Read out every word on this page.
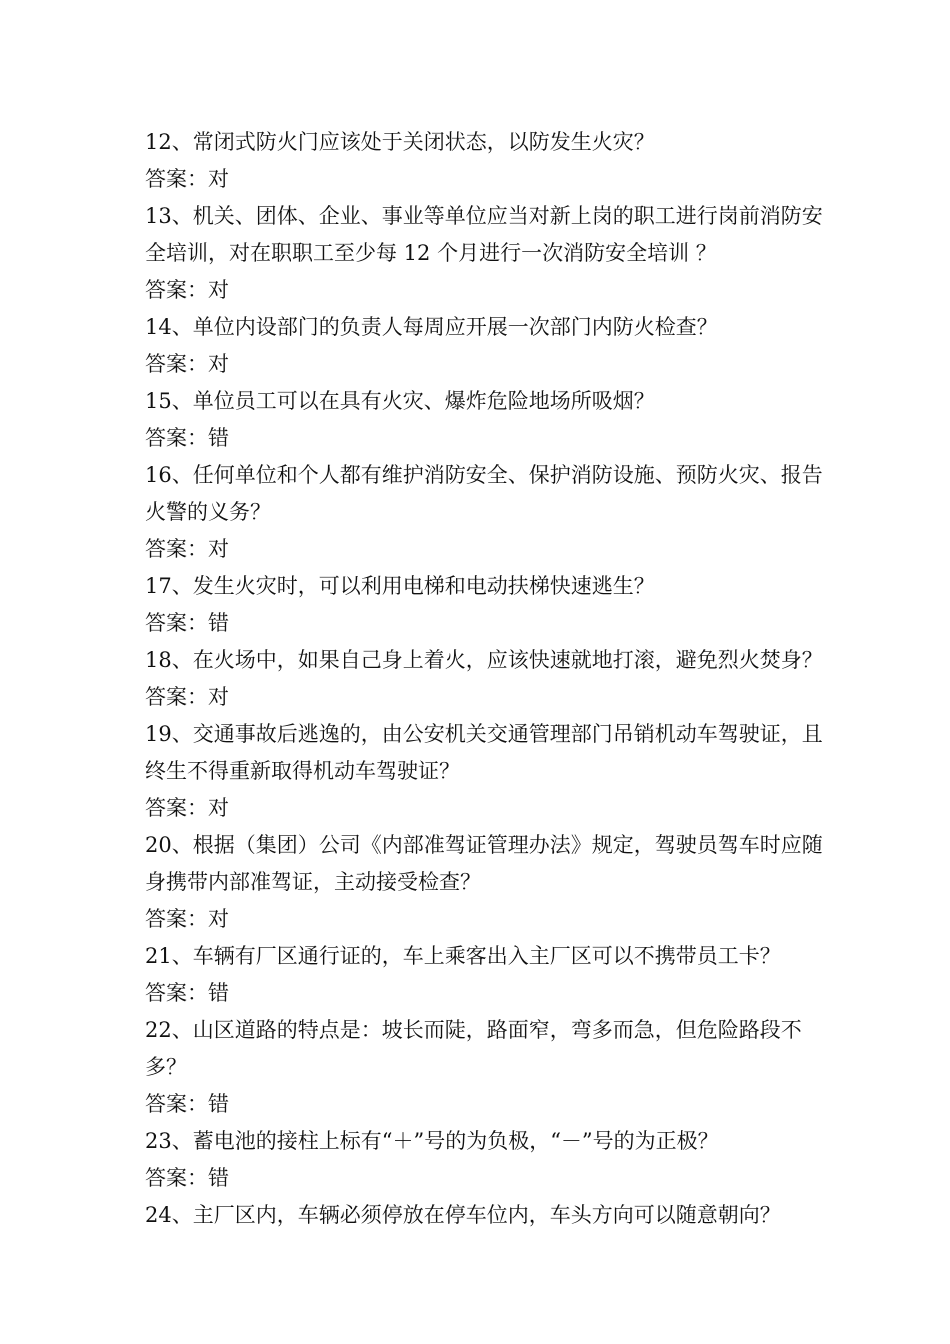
12、常闭式防火门应该处于关闭状态，以防发生火灾？
答案：对
13、机关、团体、企业、事业等单位应当对新上岗的职工进行岗前消防安全培训，对在职职工至少每 12 个月进行一次消防安全培训 ？
答案：对
14、单位内设部门的负责人每周应开展一次部门内防火检查？
答案：对
15、单位员工可以在具有火灾、爆炸危险地场所吸烟？
答案：错
16、任何单位和个人都有维护消防安全、保护消防设施、预防火灾、报告火警的义务？
答案：对
17、发生火灾时，可以利用电梯和电动扶梯快速逃生？
答案：错
18、在火场中，如果自己身上着火，应该快速就地打滚，避免烈火焚身？
答案：对
19、交通事故后逃逸的，由公安机关交通管理部门吊销机动车驾驶证，且终生不得重新取得机动车驾驶证？
答案：对
20、根据（集团）公司《内部准驾证管理办法》规定，驾驶员驾车时应随身携带内部准驾证，主动接受检查？
答案：对
21、车辆有厂区通行证的，车上乘客出入主厂区可以不携带员工卡？
答案：错
22、山区道路的特点是：坡长而陡，路面窄，弯多而急，但危险路段不多？
答案：错
23、蓄电池的接柱上标有“＋”号的为负极，“－”号的为正极？
答案：错
24、主厂区内，车辆必须停放在停车位内，车头方向可以随意朝向？
